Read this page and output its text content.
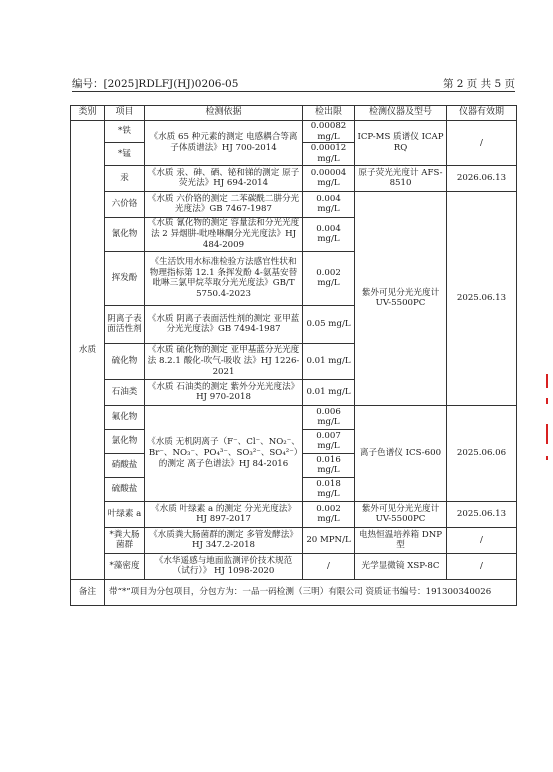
编号：[2025]RDLFJ(HJ)0206-05	第 2 页 共 5 页
类别	项目	检测依据	检出限	检测仪器及型号	仪器有效期
水质	*铁	《水质 65 种元素的测定 电感耦合等离子体质谱法》HJ 700-2014	0.00082 mg/L	ICP-MS 质谱仪 ICAP RQ	/
	*锰		0.00012 mg/L		
	汞	《水质 汞、砷、硒、铋和锑的测定 原子荧光法》HJ 694-2014	0.00004 mg/L	原子荧光光度计 AFS-8510	2026.06.13
	六价铬	《水质 六价铬的测定 二苯碳酰二肼分光光度法》GB 7467-1987	0.004 mg/L	紫外可见分光光度计 UV-5500PC	2025.06.13
	氰化物	《水质 氰化物的测定 容量法和分光光度法 2 异烟肼-吡唑啉酮分光光度法》HJ 484-2009	0.004 mg/L		
	挥发酚	《生活饮用水标准检验方法感官性状和物理指标第 12.1 条挥发酚 4-氨基安替吡啉三氯甲烷萃取分光光度法》GB/T 5750.4-2023	0.002 mg/L		
	阴离子表面活性剂	《水质 阴离子表面活性剂的测定 亚甲蓝分光光度法》GB 7494-1987	0.05 mg/L		
	硫化物	《水质 硫化物的测定 亚甲基蓝分光光度法 8.2.1 酸化-吹气-吸收 法》HJ 1226-2021	0.01 mg/L		
	石油类	《水质 石油类的测定 紫外分光光度法》HJ 970-2018	0.01 mg/L		
	氟化物	《水质 无机阴离子（F⁻、Cl⁻、NO₂⁻、Br⁻、NO₃⁻、PO₄³⁻、SO₃²⁻、SO₄²⁻）的测定 离子色谱法》HJ 84-2016	0.006 mg/L	离子色谱仪 ICS-600	2025.06.06
	氯化物		0.007 mg/L		
	硝酸盐		0.016 mg/L		
	硫酸盐		0.018 mg/L		
	叶绿素 a	《水质 叶绿素 a 的测定 分光光度法》HJ 897-2017	0.002 mg/L	紫外可见分光光度计 UV-5500PC	2025.06.13
	*粪大肠菌群	《水质粪大肠菌群的测定 多管发酵法》HJ 347.2-2018	20 MPN/L	电热恒温培养箱 DNP 型	/
	*藻密度	《水华遥感与地面监测评价技术规范（试行）》 HJ 1098-2020	/	光学显微镜 XSP-8C	/
备注	带“*”项目为分包项目，分包方为：一品一码检测（三明）有限公司 资质证书编号：191300340026				
